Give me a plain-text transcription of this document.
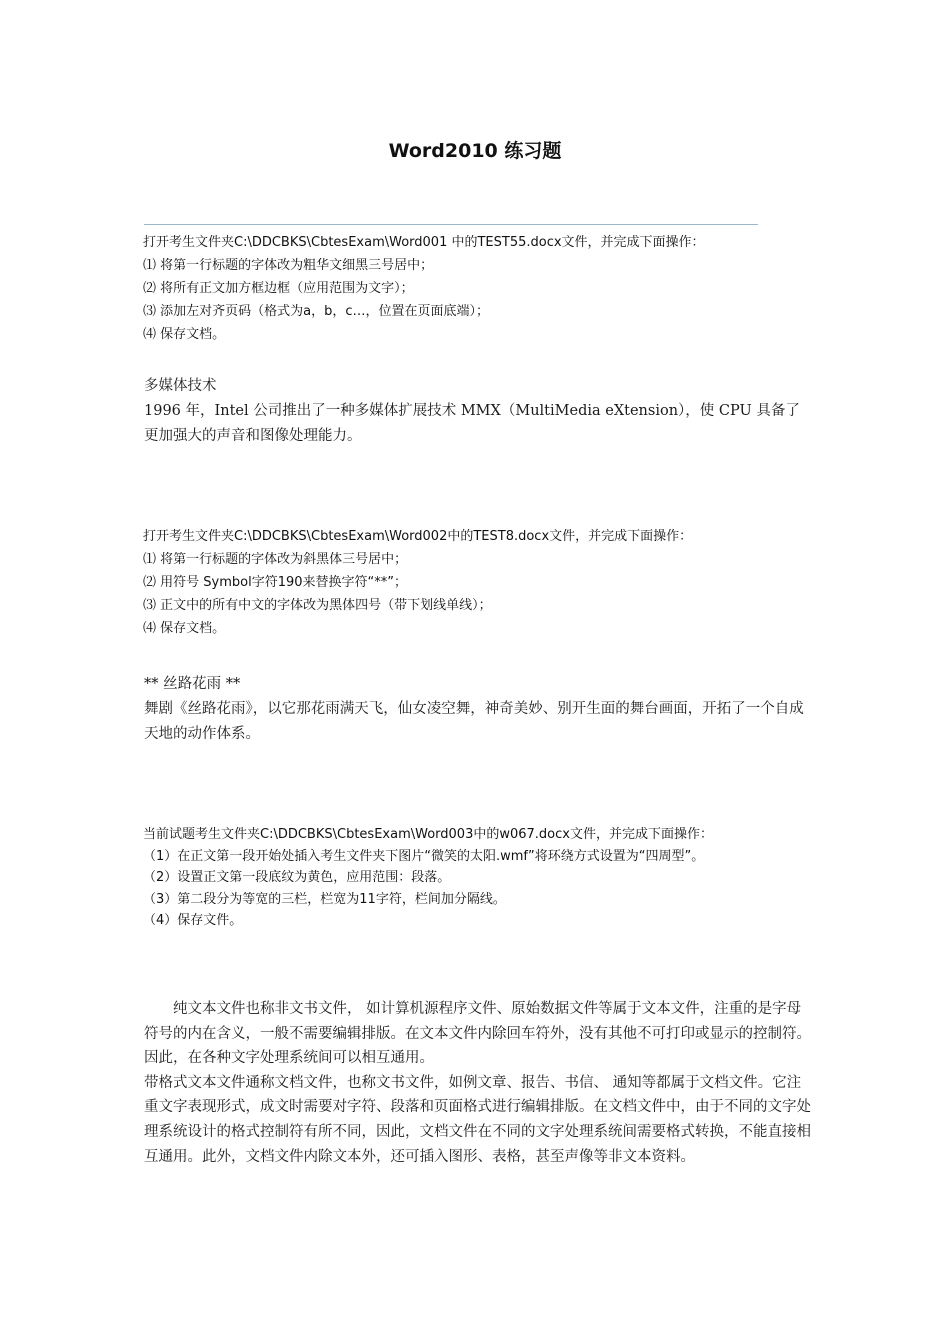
Word2010 练习题
打开考生文件夹C:\DDCBKS\CbtesExam\Word001 中的TEST55.docx文件，并完成下面操作：
⑴ 将第一行标题的字体改为粗华文细黑三号居中；
⑵ 将所有正文加方框边框（应用范围为文字）；
⑶ 添加左对齐页码（格式为a，b，c…，位置在页面底端）；
⑷ 保存文档。
多媒体技术

1996 年，Intel 公司推出了一种多媒体扩展技术 MMX（MultiMedia eXtension），使 CPU 具备了更加强大的声音和图像处理能力。

打开考生文件夹C:\DDCBKS\CbtesExam\Word002中的TEST8.docx文件，并完成下面操作：
⑴ 将第一行标题的字体改为斜黑体三号居中；
⑵ 用符号 Symbol字符190来替换字符“**”；
⑶ 正文中的所有中文的字体改为黑体四号（带下划线单线）；
⑷ 保存文档。
** 丝路花雨 **

舞剧《丝路花雨》，以它那花雨满天飞，仙女凌空舞，神奇美妙、别开生面的舞台画面，开拓了一个自成天地的动作体系。

当前试题考生文件夹C:\DDCBKS\CbtesExam\Word003中的w067.docx文件，并完成下面操作：
（1）在正文第一段开始处插入考生文件夹下图片“微笑的太阳.wmf”将环绕方式设置为“四周型”。
（2）设置正文第一段底纹为黄色，应用范围：段落。
（3）第二段分为等宽的三栏，栏宽为11字符，栏间加分隔线。
（4）保存文件。

纯文本文件也称非文书文件， 如计算机源程序文件、原始数据文件等属于文本文件，注重的是字母符号的内在含义，一般不需要编辑排版。在文本文件内除回车符外，没有其他不可打印或显示的控制符。因此，在各种文字处理系统间可以相互通用。

带格式文本文件通称文档文件，也称文书文件，如例文章、报告、书信、 通知等都属于文档文件。它注重文字表现形式，成文时需要对字符、段落和页面格式进行编辑排版。在文档文件中，由于不同的文字处理系统设计的格式控制符有所不同，因此，文档文件在不同的文字处理系统间需要格式转换，不能直接相互通用。此外，文档文件内除文本外，还可插入图形、表格，甚至声像等非文本资料。
